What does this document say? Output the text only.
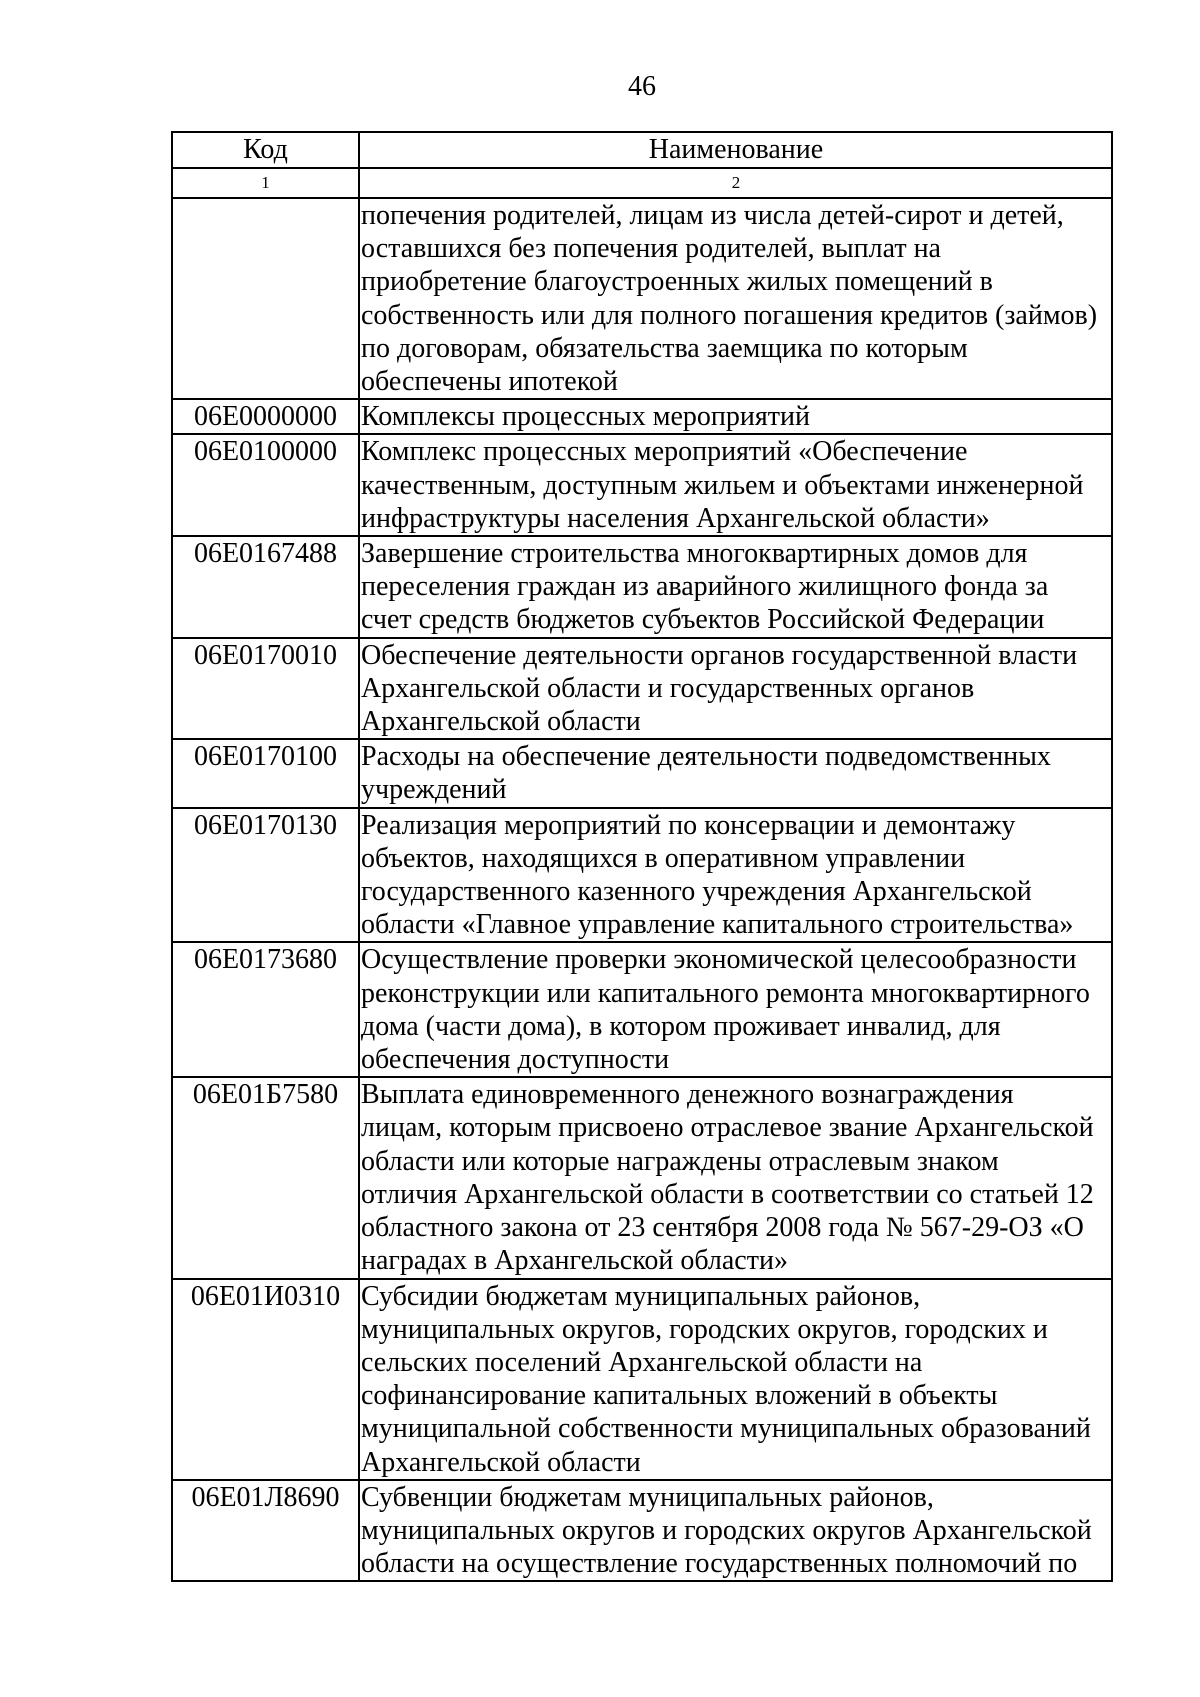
46
Код	Наименование
1	2
попечения родителей, лицам из числа детей-сирот и детей,
оставшихся без попечения родителей, выплат на
приобретение благоустроенных жилых помещений в
собственность или для полного погашения кредитов (займов)
по договорам, обязательства заемщика по которым
обеспечены ипотекой
06Е0000000 Комплексы процессных мероприятий
06Е0100000 Комплекс процессных мероприятий «Обеспечение
качественным, доступным жильем и объектами инженерной
инфраструктуры населения Архангельской области»
06Е0167488 Завершение строительства многоквартирных домов для
переселения граждан из аварийного жилищного фонда за
счет средств бюджетов субъектов Российской Федерации
06Е0170010 Обеспечение деятельности органов государственной власти
Архангельской области и государственных органов
Архангельской области
06Е0170100 Расходы на обеспечение деятельности подведомственных
учреждений
06Е0170130 Реализация мероприятий по консервации и демонтажу
объектов, находящихся в оперативном управлении
государственного казенного учреждения Архангельской
области «Главное управление капитального строительства»
06Е0173680 Осуществление проверки экономической целесообразности
реконструкции или капитального ремонта многоквартирного
дома (части дома), в котором проживает инвалид, для
обеспечения доступности
06Е01Б7580 Выплата единовременного денежного вознаграждения
лицам, которым присвоено отраслевое звание Архангельской
области или которые награждены отраслевым знаком
отличия Архангельской области в соответствии со статьей 12
областного закона от 23 сентября 2008 года № 567-29-ОЗ «О
наградах в Архангельской области»
06Е01И0310 Субсидии бюджетам муниципальных районов,
муниципальных округов, городских округов, городских и
сельских поселений Архангельской области на
софинансирование капитальных вложений в объекты
муниципальной собственности муниципальных образований
Архангельской области
06Е01Л8690 Субвенции бюджетам муниципальных районов,
муниципальных округов и городских округов Архангельской
области на осуществление государственных полномочий по
